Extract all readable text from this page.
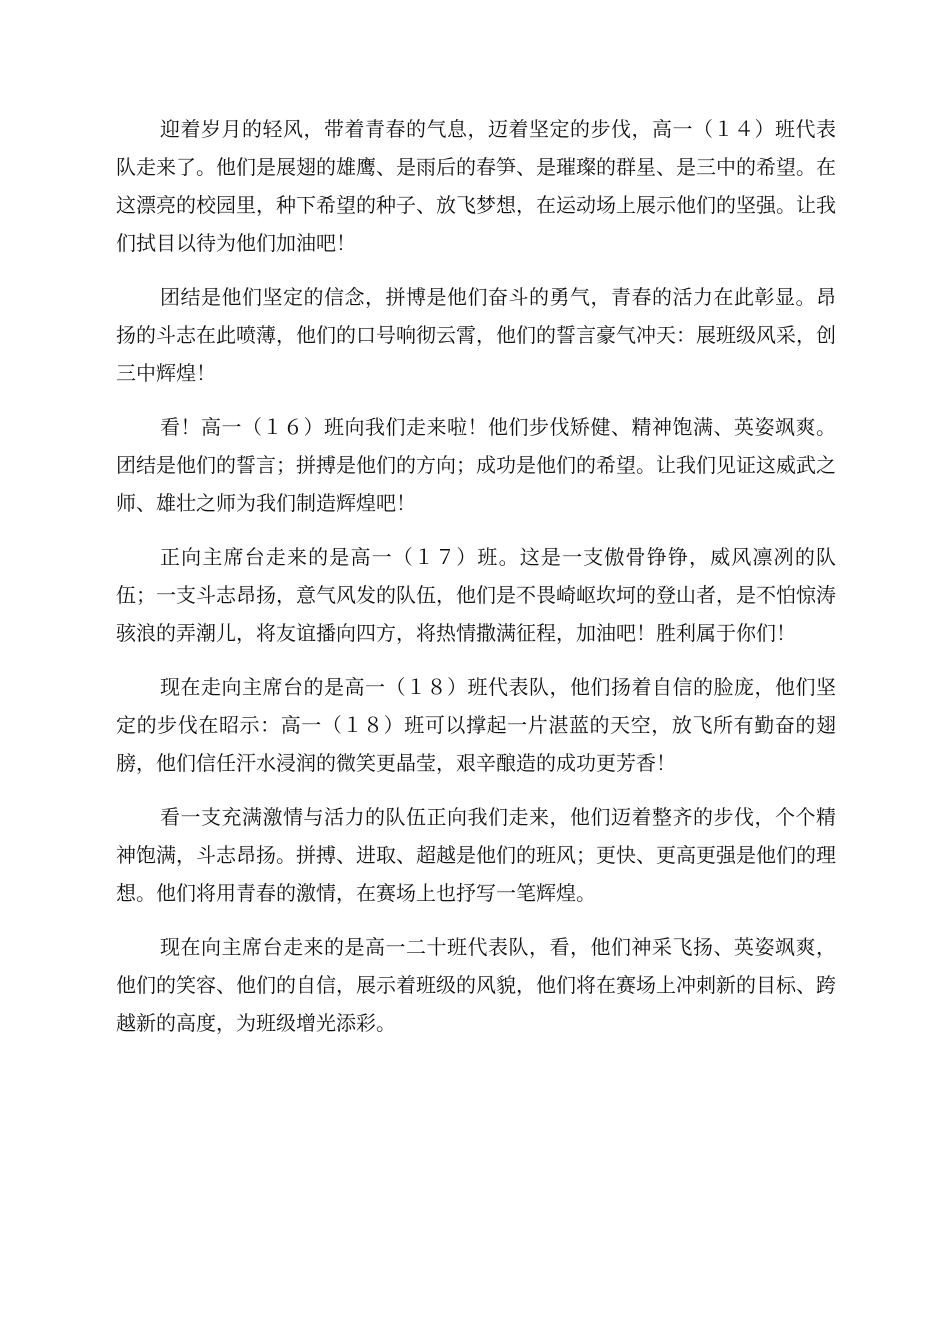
迎着岁月的轻风，带着青春的气息，迈着坚定的步伐，高一（１４）班代表队走来了。他们是展翅的雄鹰、是雨后的春笋、是璀璨的群星、是三中的希望。在这漂亮的校园里，种下希望的种子、放飞梦想，在运动场上展示他们的坚强。让我们拭目以待为他们加油吧！

团结是他们坚定的信念，拼博是他们奋斗的勇气，青春的活力在此彰显。昂扬的斗志在此喷薄，他们的口号响彻云霄，他们的誓言豪气冲天：展班级风采，创三中辉煌！

看！高一（１６）班向我们走来啦！他们步伐矫健、精神饱满、英姿飒爽。团结是他们的誓言；拼搏是他们的方向；成功是他们的希望。让我们见证这威武之师、雄壮之师为我们制造辉煌吧！

正向主席台走来的是高一（１７）班。这是一支傲骨铮铮，威风凛冽的队伍；一支斗志昂扬，意气风发的队伍，他们是不畏崎岖坎坷的登山者，是不怕惊涛骇浪的弄潮儿，将友谊播向四方，将热情撒满征程，加油吧！胜利属于你们！

现在走向主席台的是高一（１８）班代表队，他们扬着自信的脸庞，他们坚定的步伐在昭示：高一（１８）班可以撑起一片湛蓝的天空，放飞所有勤奋的翅膀，他们信任汗水浸润的微笑更晶莹，艰辛酿造的成功更芳香！

看一支充满激情与活力的队伍正向我们走来，他们迈着整齐的步伐，个个精神饱满，斗志昂扬。拼搏、进取、超越是他们的班风；更快、更高更强是他们的理想。他们将用青春的激情，在赛场上也抒写一笔辉煌。

现在向主席台走来的是高一二十班代表队，看，他们神采飞扬、英姿飒爽，他们的笑容、他们的自信，展示着班级的风貌，他们将在赛场上冲刺新的目标、跨越新的高度，为班级增光添彩。
